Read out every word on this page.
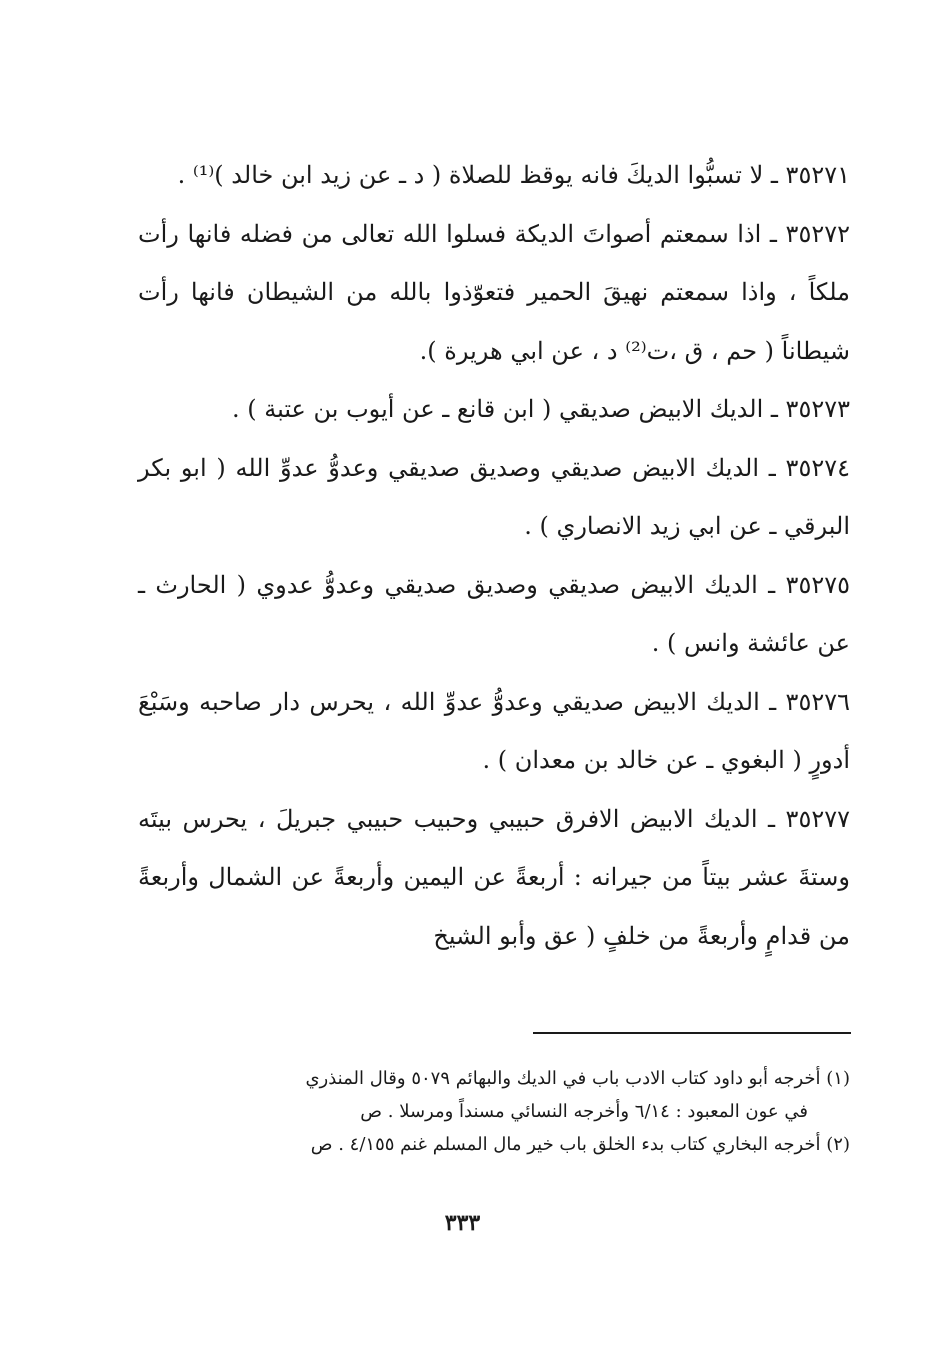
٣٥٢٧١ ـ لا تسبُّوا الديكَ فانه يوقظ للصلاة ( د ـ عن زيد ابن خالد )⁽¹⁾ .

٣٥٢٧٢ ـ اذا سمعتم أصواتَ الديكة فسلوا الله تعالى من فضله فانها رأت ملكاً ، واذا سمعتم نهيقَ الحمير فتعوّذوا بالله من الشيطان فانها رأت شيطاناً ( حم ، ق ،ت⁽²⁾ د ، عن ابي هريرة ).

٣٥٢٧٣ ـ الديك الابيض صديقي ( ابن قانع ـ عن أيوب بن عتبة ) .

٣٥٢٧٤ ـ الديك الابيض صديقي وصديق صديقي وعدوُّ عدوِّ الله ( ابو بكر البرقي ـ عن ابي زيد الانصاري ) .

٣٥٢٧٥ ـ الديك الابيض صديقي وصديق صديقي وعدوُّ عدوي ( الحارث ـ عن عائشة وانس ) .

٣٥٢٧٦ ـ الديك الابيض صديقي وعدوُّ عدوِّ الله ، يحرس دار صاحبه وسَبْعَ أدورٍ ( البغوي ـ عن خالد بن معدان ) .

٣٥٢٧٧ ـ الديك الابيض الافرق حبيبي وحبيب حبيبي جبريلَ ، يحرس بيتَه وستةَ عشر بيتاً من جيرانه : أربعةً عن اليمين وأربعةً عن الشمال وأربعةً من قدامٍ وأربعةً من خلفٍ ( عق وأبو الشيخ

(١) أخرجه أبو داود كتاب الادب باب في الديك والبهائم ٥٠٧٩ وقال المنذري

في عون المعبود : ٦/١٤ وأخرجه النسائي مسنداً ومرسلا . ص

(٢) أخرجه البخاري كتاب بدء الخلق باب خير مال المسلم غنم ٤/١٥٥ . ص

٣٣٣
